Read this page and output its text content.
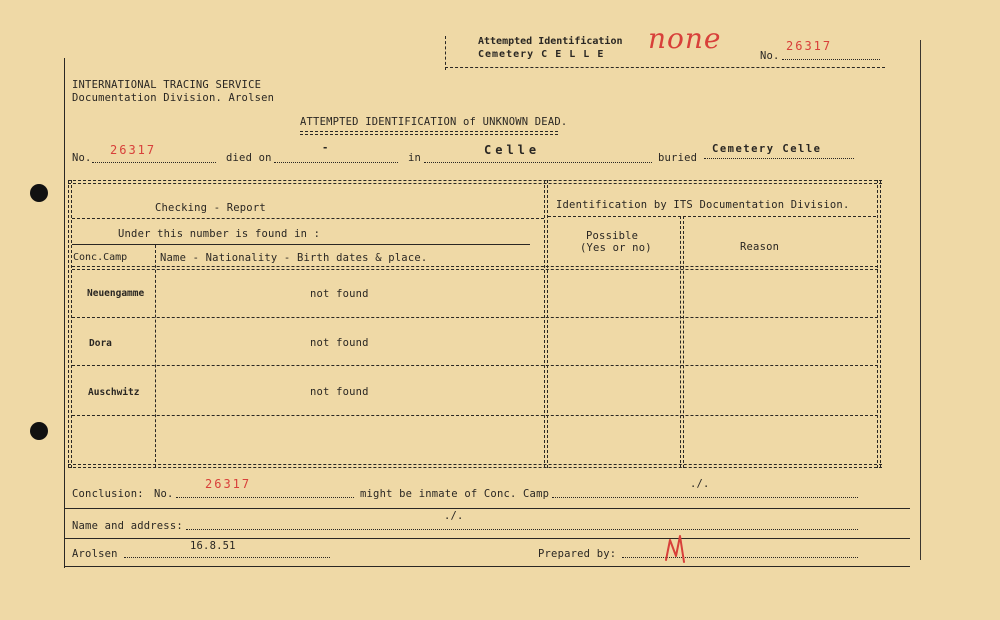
Attempted Identification
Cemetery C E L L E none
No.
26317
INTERNATIONAL TRACING SERVICE
Documentation Division. Arolsen
ATTEMPTED IDENTIFICATION of UNKNOWN DEAD.
No.
26317
died on
-
in
Celle
buried
Cemetery Celle
Checking - Report	Identification by ITS Documentation Division.
Under this number is found in :
Conc.Camp	Name - Nationality - Birth dates & place.
Possible
(Yes or no)	Reason
Neuengamme	not found
Dora	not found
Auschwitz	not found
Conclusion: No.
26317
might be inmate of Conc. Camp
./.
Name and address:
./.
Arolsen
16.8.51
Prepared by:
